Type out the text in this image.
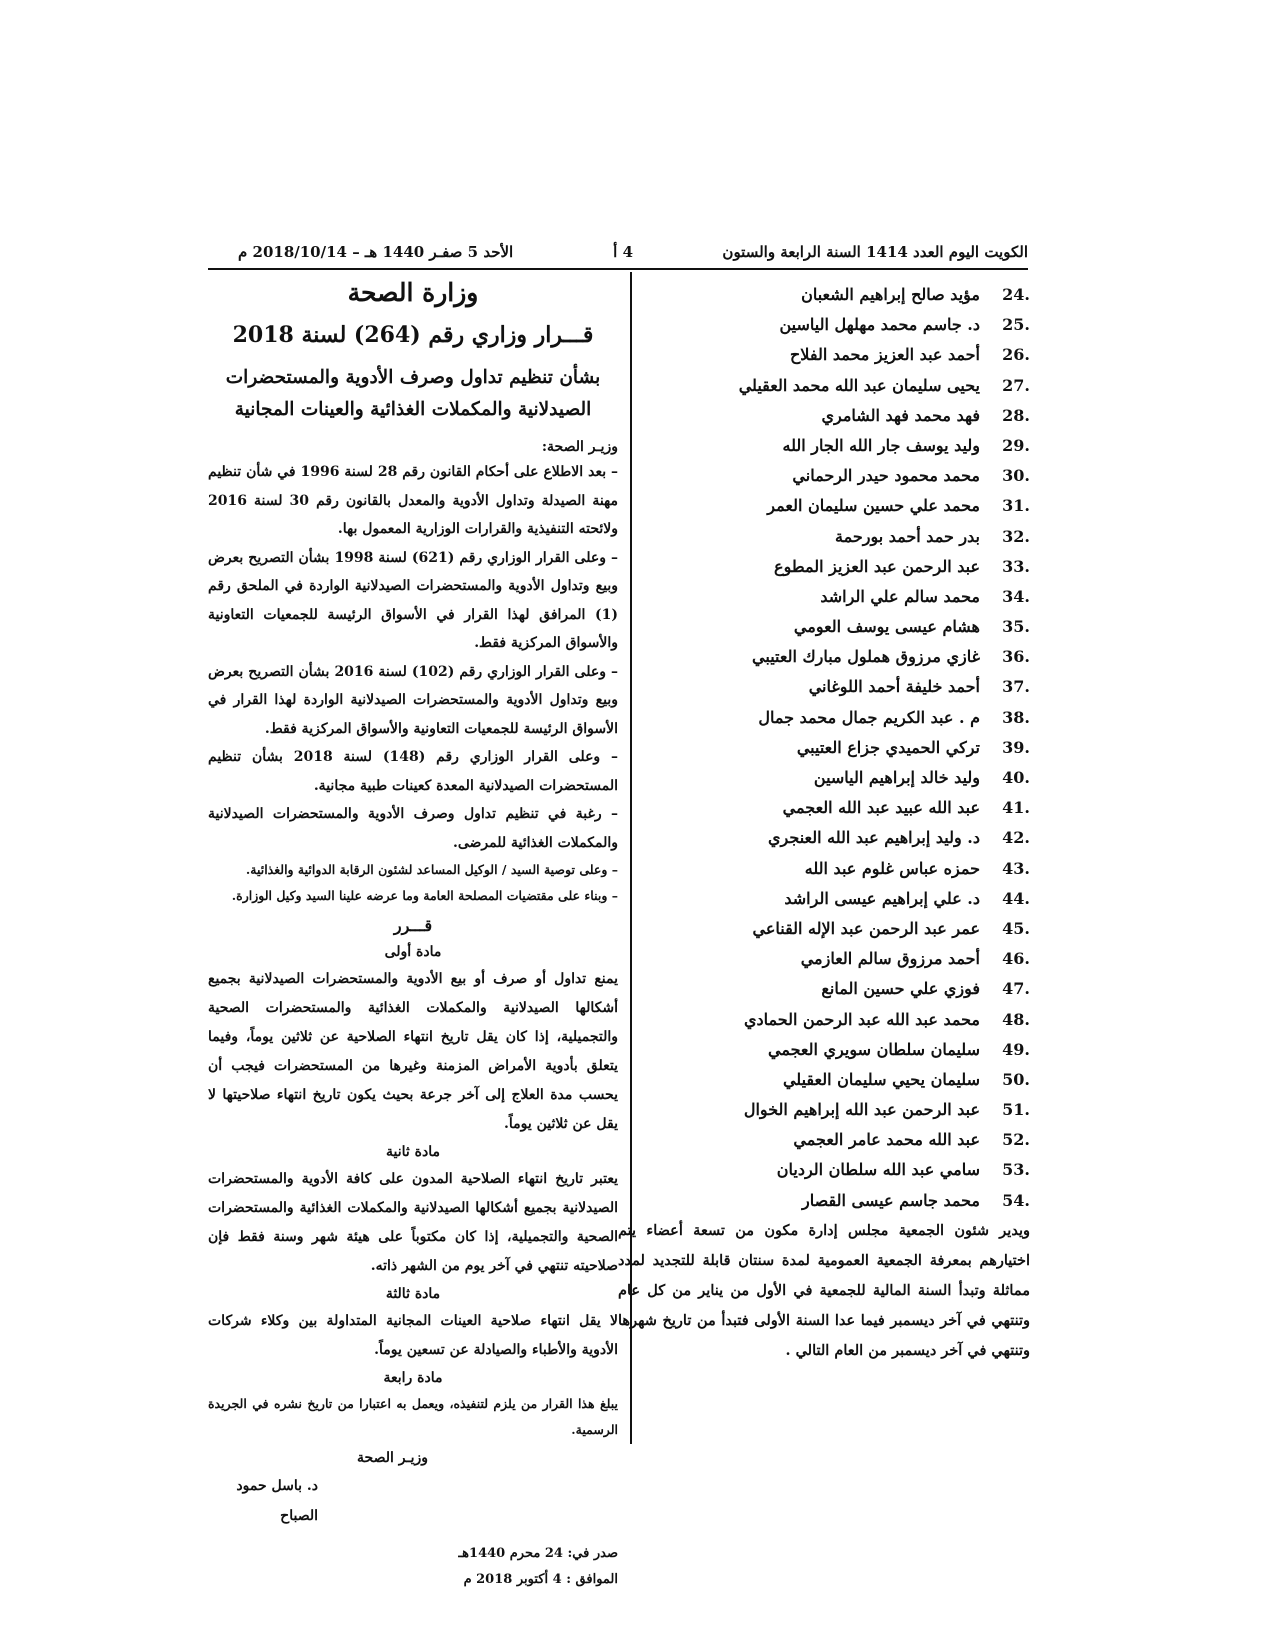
الكويت اليوم العدد 1414 السنة الرابعة والستون
4 أ
الأحد 5 صفـر 1440 هـ – 2018/10/14 م
24.مؤيد صالح إبراهيم الشعبان
25.د. جاسم محمد مهلهل الياسين
26.أحمد عبد العزيز محمد الفلاح
27.يحيى سليمان عبد الله محمد العقيلي
28.فهد محمد فهد الشامري
29.وليد يوسف جار الله الجار الله
30.محمد محمود حيدر الرحماني
31.محمد علي حسين سليمان العمر
32.بدر حمد أحمد بورحمة
33.عبد الرحمن عبد العزيز المطوع
34.محمد سالم علي الراشد
35.هشام عيسى يوسف العومي
36.غازي مرزوق هملول مبارك العتيبي
37.أحمد خليفة أحمد اللوغاني
38.م . عبد الكريم جمال محمد جمال
39.تركي الحميدي جزاع العتيبي
40.وليد خالد إبراهيم الياسين
41.عبد الله عبيد عبد الله العجمي
42.د. وليد إبراهيم عبد الله العنجري
43.حمزه عباس غلوم عبد الله
44.د. علي إبراهيم عيسى الراشد
45.عمر عبد الرحمن عبد الإله القناعي
46.أحمد مرزوق سالم العازمي
47.فوزي علي حسين المانع
48.محمد عبد الله عبد الرحمن الحمادي
49.سليمان سلطان سويري العجمي
50.سليمان يحيي سليمان العقيلي
51.عبد الرحمن عبد الله إبراهيم الخوال
52.عبد الله محمد عامر العجمي
53.سامي عبد الله سلطان الرديان
54.محمد جاسم عيسى القصار

ويدير شئون الجمعية مجلس إدارة مكون من تسعة أعضاء يتم اختيارهم بمعرفة الجمعية العمومية لمدة سنتان قابلة للتجديد لمدد مماثلة وتبدأ السنة المالية للجمعية في الأول من يناير من كل عام وتنتهي في آخر ديسمبر فيما عدا السنة الأولى فتبدأ من تاريخ شهرها وتنتهي في آخر ديسمبر من العام التالي .

وزارة الصحة
قـــرار وزاري رقم (264) لسنة 2018
بشأن تنظيم تداول وصرف الأدوية والمستحضرات
الصيدلانية والمكملات الغذائية والعينات المجانية

وزيـر الصحة:

– بعد الاطلاع على أحكام القانون رقم 28 لسنة 1996 في شأن تنظيم مهنة الصيدلة وتداول الأدوية والمعدل بالقانون رقم 30 لسنة 2016 ولائحته التنفيذية والقرارات الوزارية المعمول بها.

– وعلى القرار الوزاري رقم (621) لسنة 1998 بشأن التصريح بعرض وبيع وتداول الأدوية والمستحضرات الصيدلانية الواردة في الملحق رقم (1) المرافق لهذا القرار في الأسواق الرئيسة للجمعيات التعاونية والأسواق المركزية فقط.

– وعلى القرار الوزاري رقم (102) لسنة 2016 بشأن التصريح بعرض وبيع وتداول الأدوية والمستحضرات الصيدلانية الواردة لهذا القرار في الأسواق الرئيسة للجمعيات التعاونية والأسواق المركزية فقط.

– وعلى القرار الوزاري رقم (148) لسنة 2018 بشأن تنظيم المستحضرات الصيدلانية المعدة كعينات طبية مجانية.

– رغبة في تنظيم تداول وصرف الأدوية والمستحضرات الصيدلانية والمكملات الغذائية للمرضى.

– وعلى توصية السيد / الوكيل المساعد لشئون الرقابة الدوائية والغذائية.

– وبناء على مقتضيات المصلحة العامة وما عرضه علينا السيد وكيل الوزارة.

قـــرر

مادة أولى

يمنع تداول أو صرف أو بيع الأدوية والمستحضرات الصيدلانية بجميع أشكالها الصيدلانية والمكملات الغذائية والمستحضرات الصحية والتجميلية، إذا كان يقل تاريخ انتهاء الصلاحية عن ثلاثين يوماً، وفيما يتعلق بأدوية الأمراض المزمنة وغيرها من المستحضرات فيجب أن يحسب مدة العلاج إلى آخر جرعة بحيث يكون تاريخ انتهاء صلاحيتها لا يقل عن ثلاثين يوماً.

مادة ثانية

يعتبر تاريخ انتهاء الصلاحية المدون على كافة الأدوية والمستحضرات الصيدلانية بجميع أشكالها الصيدلانية والمكملات الغذائية والمستحضرات الصحية والتجميلية، إذا كان مكتوباً على هيئة شهر وسنة فقط فإن صلاحيته تنتهي في آخر يوم من الشهر ذاته.

مادة ثالثة

لا يقل انتهاء صلاحية العينات المجانية المتداولة بين وكلاء شركات الأدوية والأطباء والصيادلة عن تسعين يوماً.

مادة رابعة

يبلغ هذا القرار من يلزم لتنفيذه، ويعمل به اعتبارا من تاريخ نشره في الجريدة الرسمية.

وزيـر الصحة

د. باسل حمود الصباح

صدر في: 24 محرم 1440هـ
الموافق : 4 أكتوبر 2018 م
